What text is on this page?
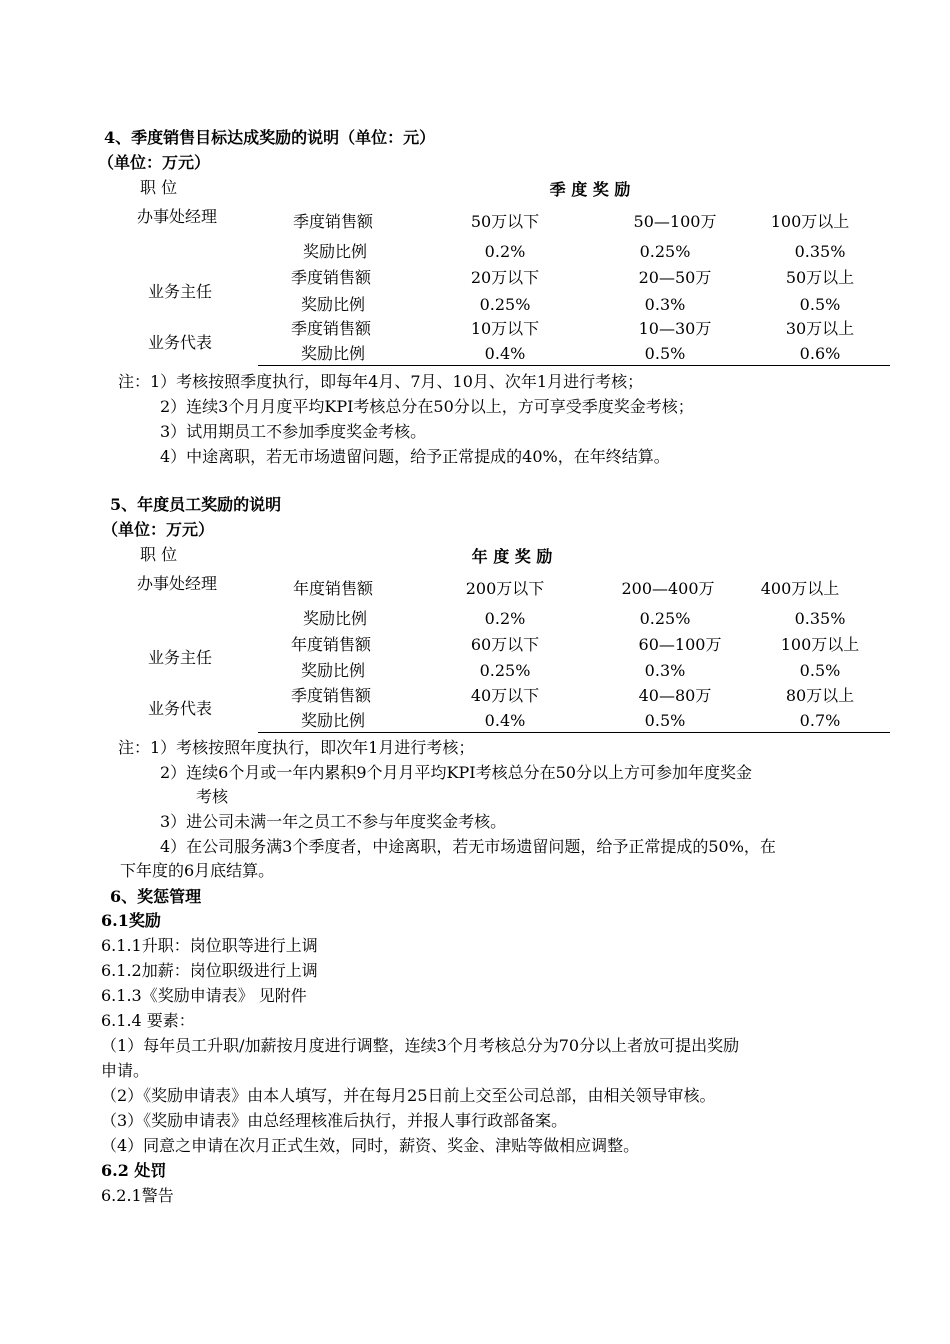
4、季度销售目标达成奖励的说明（单位：元）
（单位：万元）
职 位	季 度 奖 励
办事处经理	季度销售额	50万以下	50—100万	100万以上
奖励比例	0.2%	0.25%	0.35%
业务主任
季度销售额	20万以下	20—50万	50万以上
奖励比例	0.25%	0.3%	0.5%
业务代表
季度销售额	10万以下	10—30万	30万以上
奖励比例	0.4%	0.5%	0.6%
注：1）考核按照季度执行，即每年4月、7月、10月、次年1月进行考核；
2）连续3个月月度平均KPI考核总分在50分以上，方可享受季度奖金考核；
3）试用期员工不参加季度奖金考核。
4）中途离职，若无市场遗留问题，给予正常提成的40%，在年终结算。
5、年度员工奖励的说明
（单位：万元）
职 位	年 度 奖 励
办事处经理	年度销售额	200万以下	200—400万	400万以上
奖励比例	0.2%	0.25%	0.35%
业务主任
年度销售额	60万以下	60—100万	100万以上
奖励比例	0.25%	0.3%	0.5%
业务代表
季度销售额	40万以下	40—80万	80万以上
奖励比例	0.4%	0.5%	0.7%
注：1）考核按照年度执行，即次年1月进行考核；
2）连续6个月或一年内累积9个月月平均KPI考核总分在50分以上方可参加年度奖金
考核
3）进公司未满一年之员工不参与年度奖金考核。
4）在公司服务满3个季度者，中途离职，若无市场遗留问题，给予正常提成的50%，在
下年度的6月底结算。
6、奖惩管理
6.1奖励
6.1.1升职：岗位职等进行上调
6.1.2加薪：岗位职级进行上调
6.1.3《奖励申请表》 见附件
6.1.4 要素：
（1）每年员工升职/加薪按月度进行调整，连续3个月考核总分为70分以上者放可提出奖励
申请。
（2）《奖励申请表》由本人填写，并在每月25日前上交至公司总部，由相关领导审核。
（3）《奖励申请表》由总经理核准后执行，并报人事行政部备案。
（4）同意之申请在次月正式生效，同时，薪资、奖金、津贴等做相应调整。
6.2 处罚
6.2.1警告
